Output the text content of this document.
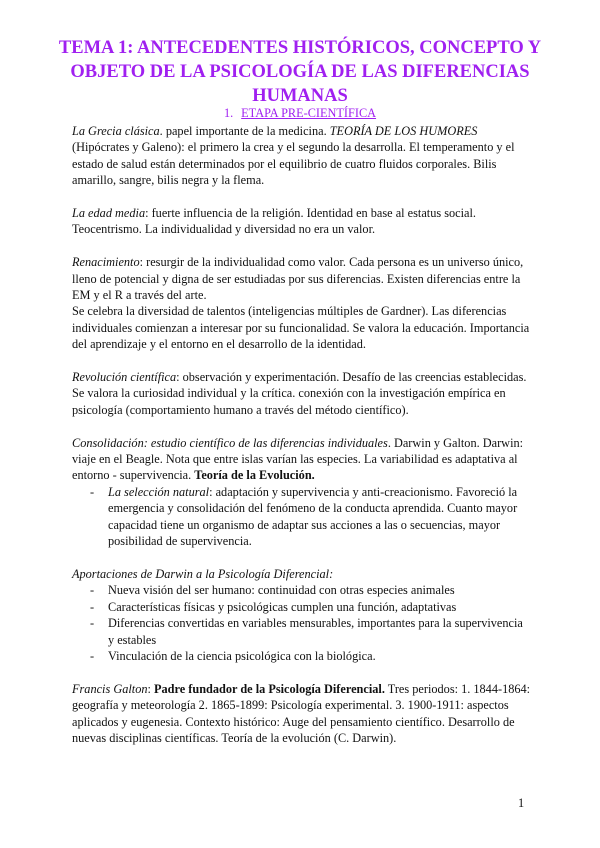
TEMA 1: ANTECEDENTES HISTÓRICOS, CONCEPTO Y OBJETO DE LA PSICOLOGÍA DE LAS DIFERENCIAS HUMANAS
1. ETAPA PRE-CIENTÍFICA

La Grecia clásica. papel importante de la medicina. TEORÍA DE LOS HUMORES (Hipócrates y Galeno): el primero la crea y el segundo la desarrolla. El temperamento y el estado de salud están determinados por el equilibrio de cuatro fluidos corporales. Bilis amarillo, sangre, bilis negra y la flema.

La edad media: fuerte influencia de la religión. Identidad en base al estatus social. Teocentrismo. La individualidad y diversidad no era un valor.

Renacimiento: resurgir de la individualidad como valor. Cada persona es un universo único, lleno de potencial y digna de ser estudiadas por sus diferencias. Existen diferencias entre la EM y el R a través del arte.

Se celebra la diversidad de talentos (inteligencias múltiples de Gardner). Las diferencias individuales comienzan a interesar por su funcionalidad. Se valora la educación. Importancia del aprendizaje y el entorno en el desarrollo de la identidad.

Revolución científica: observación y experimentación. Desafío de las creencias establecidas. Se valora la curiosidad individual y la crítica. conexión con la investigación empírica en psicología (comportamiento humano a través del método científico).

Consolidación: estudio científico de las diferencias individuales. Darwin y Galton. Darwin: viaje en el Beagle. Nota que entre islas varían las especies. La variabilidad es adaptativa al entorno - supervivencia. Teoría de la Evolución.

- La selección natural: adaptación y supervivencia y anti-creacionismo. Favoreció la emergencia y consolidación del fenómeno de la conducta aprendida. Cuanto mayor capacidad tiene un organismo de adaptar sus acciones a las o secuencias, mayor posibilidad de supervivencia.

Aportaciones de Darwin a la Psicología Diferencial:

- Nueva visión del ser humano: continuidad con otras especies animales
- Características físicas y psicológicas cumplen una función, adaptativas
- Diferencias convertidas en variables mensurables, importantes para la supervivencia y estables
- Vinculación de la ciencia psicológica con la biológica.

Francis Galton: Padre fundador de la Psicología Diferencial. Tres periodos: 1. 1844-1864: geografía y meteorología 2. 1865-1899: Psicología experimental. 3. 1900-1911: aspectos aplicados y eugenesia. Contexto histórico: Auge del pensamiento científico. Desarrollo de nuevas disciplinas científicas. Teoría de la evolución (C. Darwin).

1
